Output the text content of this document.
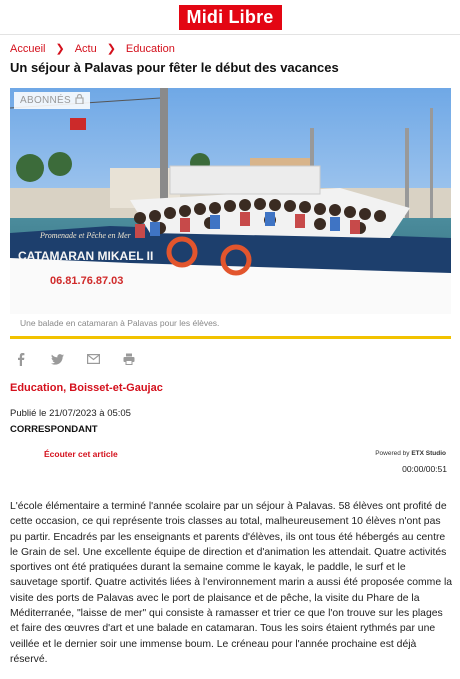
Midi Libre
Accueil ❯ Actu ❯ Education
Un séjour à Palavas pour fêter le début des vacances
Promenade et Pêche en Mer
CATAMARAN MIKAEL II
06.81.76.87.03
ABONNÉS
Une balade en catamaran à Palavas pour les élèves.
Education, Boisset-et-Gaujac
Publié le 21/07/2023 à 05:05
CORRESPONDANT
Écouter cet article	Powered by ETX Studio
00:00/00:51

L'école élémentaire a terminé l'année scolaire par un séjour à Palavas. 58 élèves ont profité de cette occasion, ce qui représente trois classes au total, malheureusement 10 élèves n'ont pas pu partir. Encadrés par les enseignants et parents d'élèves, ils ont tous été hébergés au centre le Grain de sel. Une excellente équipe de direction et d'animation les attendait. Quatre activités sportives ont été pratiquées durant la semaine comme le kayak, le paddle, le surf et le sauvetage sportif. Quatre activités liées à l'environnement marin a aussi été proposée comme la visite des ports de Palavas avec le port de plaisance et de pêche, la visite du Phare de la Méditerranée, "laisse de mer" qui consiste à ramasser et trier ce que l'on trouve sur les plages et faire des œuvres d'art et une balade en catamaran. Tous les soirs étaient rythmés par une veillée et le dernier soir une immense boum. Le créneau pour l'année prochaine est déjà réservé.
